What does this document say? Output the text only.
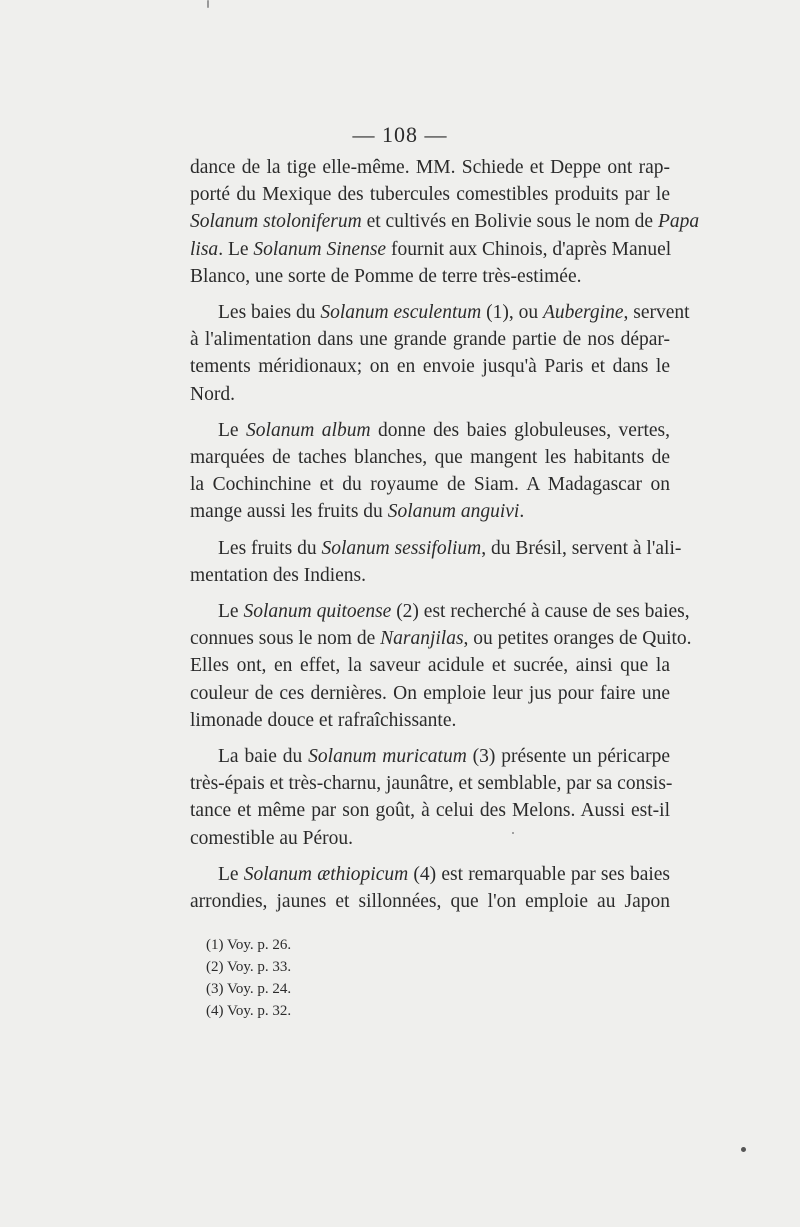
— 108 —

dance de la tige elle-même. MM. Schiede et Deppe ont rap-
porté du Mexique des tubercules comestibles produits par le
Solanum stoloniferum et cultivés en Bolivie sous le nom de Papa
lisa. Le Solanum Sinense fournit aux Chinois, d'après Manuel
Blanco, une sorte de Pomme de terre très-estimée.

Les baies du Solanum esculentum (1), ou Aubergine, servent
à l'alimentation dans une grande grande partie de nos dépar-
tements méridionaux; on en envoie jusqu'à Paris et dans le
Nord.

Le Solanum album donne des baies globuleuses, vertes,
marquées de taches blanches, que mangent les habitants de
la Cochinchine et du royaume de Siam. A Madagascar on
mange aussi les fruits du Solanum anguivi.

Les fruits du Solanum sessifolium, du Brésil, servent à l'ali-
mentation des Indiens.

Le Solanum quitoense (2) est recherché à cause de ses baies,
connues sous le nom de Naranjilas, ou petites oranges de Quito.
Elles ont, en effet, la saveur acidule et sucrée, ainsi que la
couleur de ces dernières. On emploie leur jus pour faire une
limonade douce et rafraîchissante.

La baie du Solanum muricatum (3) présente un péricarpe
très-épais et très-charnu, jaunâtre, et semblable, par sa consis-
tance et même par son goût, à celui des Melons. Aussi est-il
comestible au Pérou.

Le Solanum æthiopicum (4) est remarquable par ses baies
arrondies, jaunes et sillonnées, que l'on emploie au Japon

(1) Voy. p. 26.
(2) Voy. p. 33.
(3) Voy. p. 24.
(4) Voy. p. 32.
